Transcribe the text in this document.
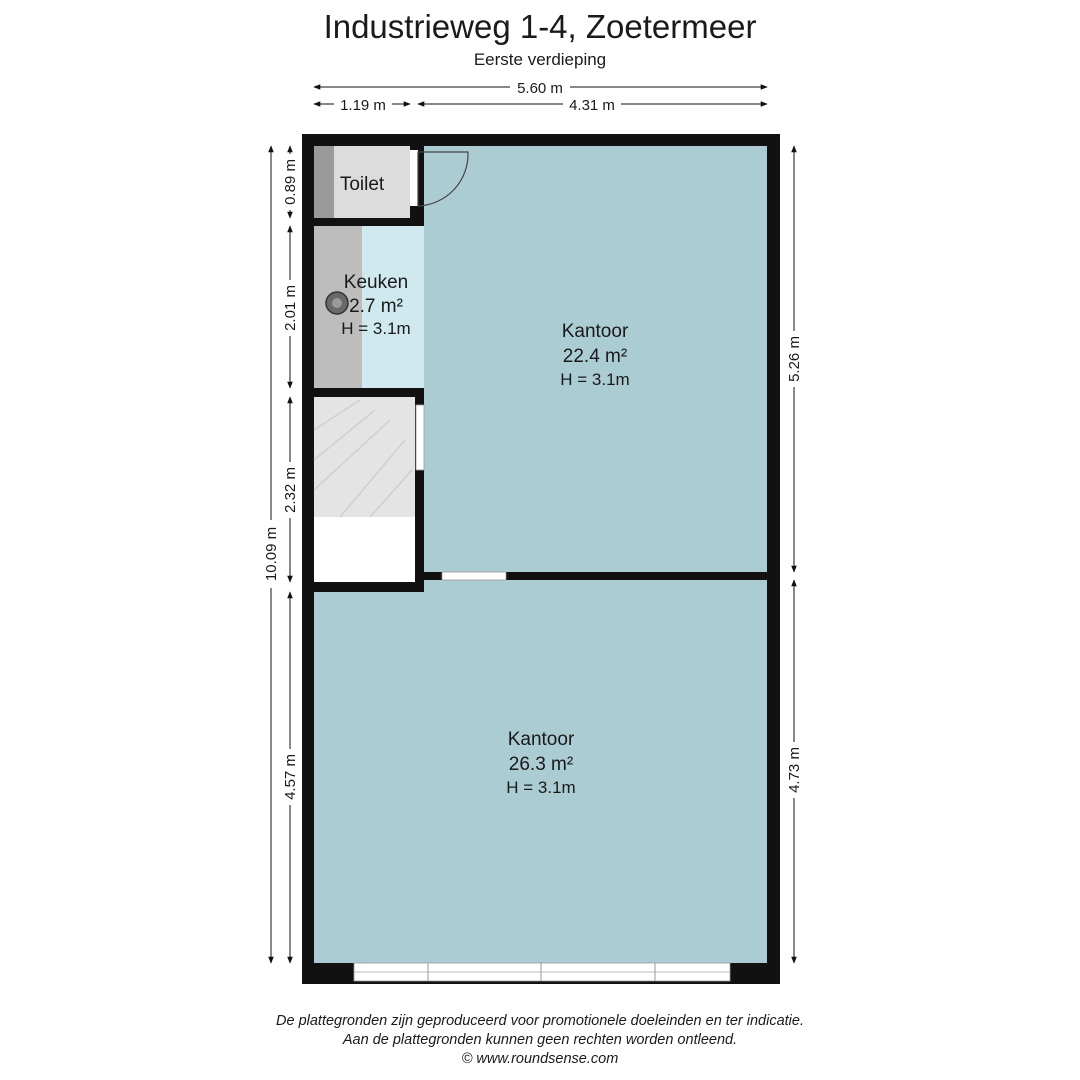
Industrieweg 1-4, Zoetermeer
Eerste verdieping
Toilet
Keuken
2.7 m²
H = 3.1m	Kantoor
22.4 m²
H = 3.1m
Kantoor
26.3 m²
H = 3.1m
5.60 m
1.19 m	4.31 m
10.09 m
0.89 m
2.01 m
2.32 m
4.57 m
5.26 m
4.73 m
De plattegronden zijn geproduceerd voor promotionele doeleinden en ter indicatie.
Aan de plattegronden kunnen geen rechten worden ontleend.
© www.roundsense.com
